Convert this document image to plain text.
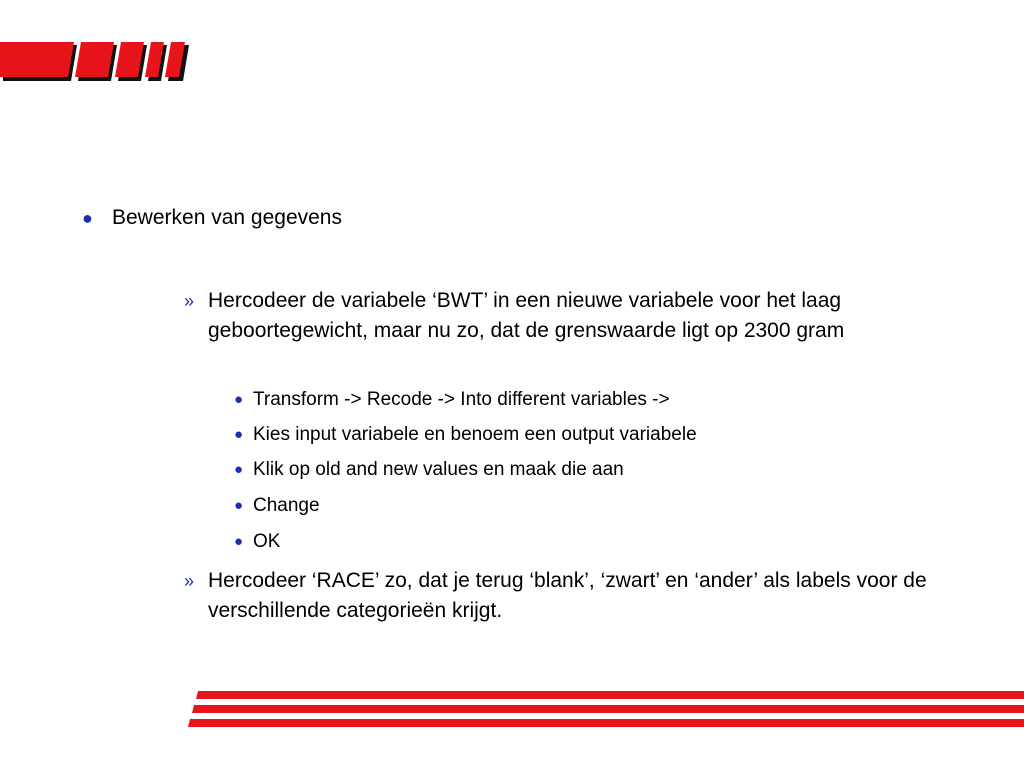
● Bewerken van gegevens
» Hercodeer de variabele ‘BWT’ in een nieuwe variabele voor het laag geboortegewicht, maar nu zo, dat de grenswaarde ligt op 2300 gram
● Transform -> Recode -> Into different variables ->
● Kies input variabele en benoem een output variabele
● Klik op old and new values en maak die aan
● Change
● OK
» Hercodeer ‘RACE’ zo, dat je terug ‘blank’, ‘zwart’ en ‘ander’ als labels voor de verschillende categorieën krijgt.
